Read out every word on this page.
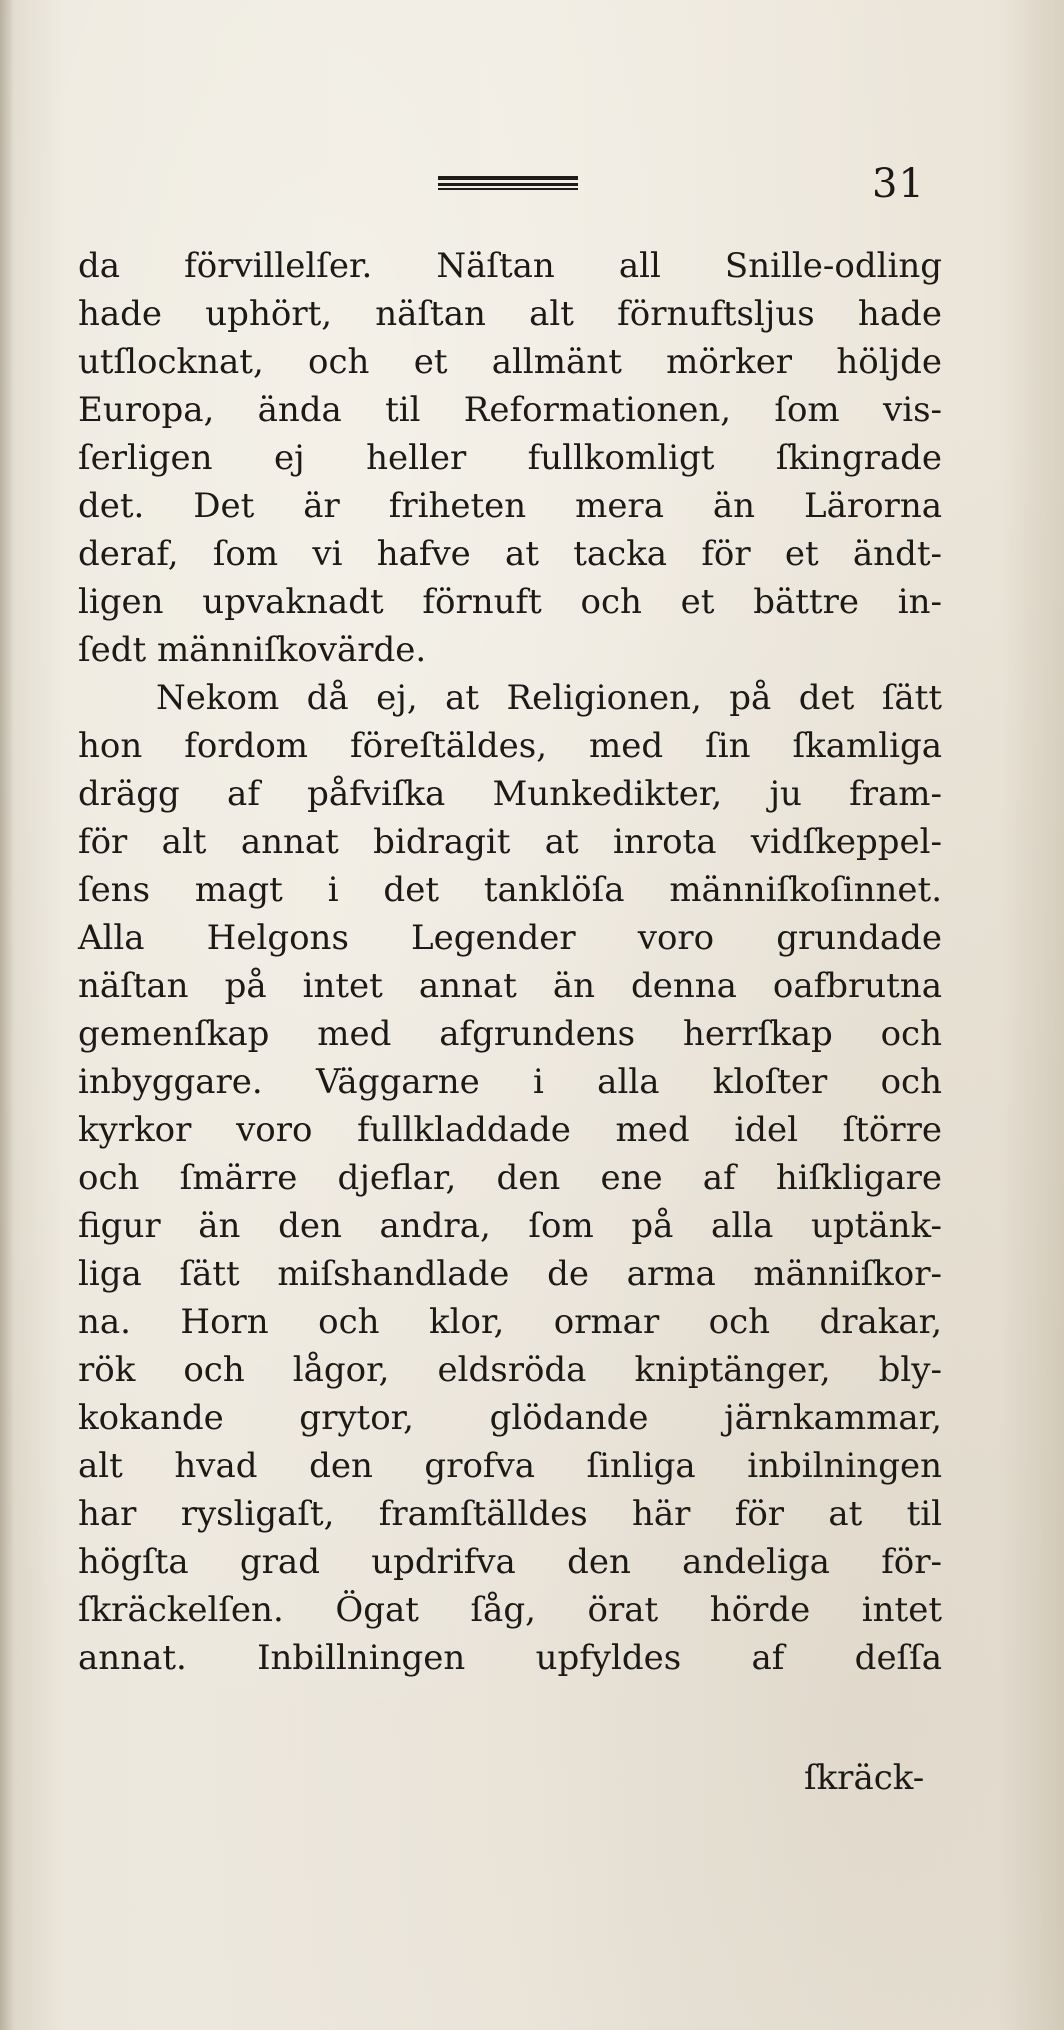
31
da förvillelſer. Näſtan all Snille-odling
hade uphört, näſtan alt förnuftsljus hade
utſlocknat, och et allmänt mörker höljde
Europa, ända til Reformationen, ſom vis-
ſerligen ej heller fullkomligt ſkingrade
det. Det är friheten mera än Lärorna
deraf, ſom vi hafve at tacka för et ändt-
ligen upvaknadt förnuft och et bättre in-
ſedt männiſkovärde.
Nekom då ej, at Religionen, på det ſätt
hon fordom föreſtäldes, med ſin ſkamliga
drägg af påfviſka Munkedikter, ju fram-
för alt annat bidragit at inrota vidſkeppel-
ſens magt i det tanklöſa männiſkoſinnet.
Alla Helgons Legender voro grundade
näſtan på intet annat än denna oafbrutna
gemenſkap med afgrundens herrſkap och
inbyggare. Väggarne i alla kloſter och
kyrkor voro fullkladdade med idel ſtörre
och ſmärre djeflar, den ene af hiſkligare
figur än den andra, ſom på alla uptänk-
liga ſätt miſshandlade de arma männiſkor-
na. Horn och klor, ormar och drakar,
rök och lågor, eldsröda kniptänger, bly-
kokande grytor, glödande järnkammar,
alt hvad den grofva ſinliga inbilningen
har rysligaſt, framſtälldes här för at til
högſta grad updrifva den andeliga för-
ſkräckelſen. Ögat ſåg, örat hörde intet
annat. Inbillningen upfyldes af deſſa
ſkräck-
